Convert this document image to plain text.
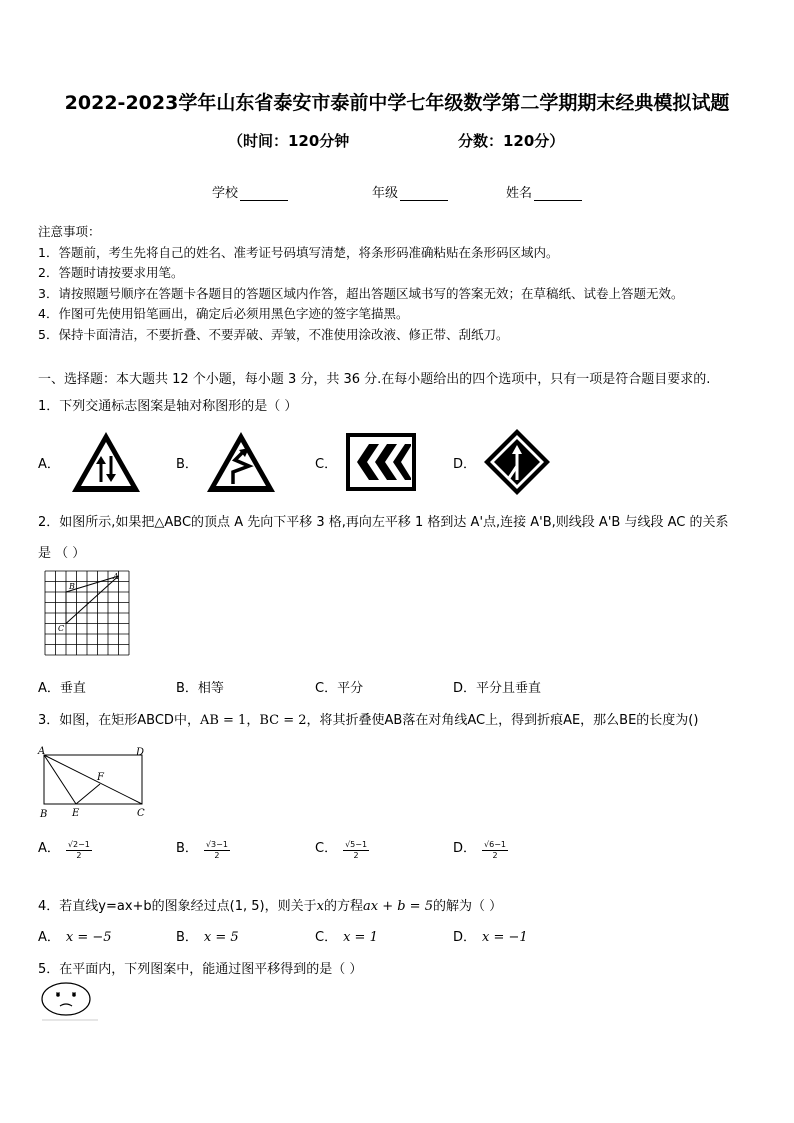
2022-2023学年山东省泰安市泰前中学七年级数学第二学期期末经典模拟试题
（时间：120分钟	分数：120分）
学校	年级	姓名
注意事项：
1．答题前，考生先将自己的姓名、准考证号码填写清楚，将条形码准确粘贴在条形码区域内。
2．答题时请按要求用笔。
3．请按照题号顺序在答题卡各题目的答题区域内作答，超出答题区域书写的答案无效；在草稿纸、试卷上答题无效。
4．作图可先使用铅笔画出，确定后必须用黑色字迹的签字笔描黑。
5．保持卡面清洁，不要折叠、不要弄破、弄皱，不准使用涂改液、修正带、刮纸刀。
一、选择题：本大题共 12 个小题，每小题 3 分，共 36 分.在每小题给出的四个选项中，只有一项是符合题目要求的.
1．下列交通标志图案是轴对称图形的是（ ）
A．	B．	C．	D．
2．如图所示,如果把△ABC的顶点 A 先向下平移 3 格,再向左平移 1 格到达 A'点,连接 A'B,则线段 A'B 与线段 AC 的关系
是 （ ）
B
A
C
A．垂直	B．相等	C．平分	D．平分且垂直
3．如图，在矩形ABCD中，AB = 1，BC = 2，将其折叠使AB落在对角线AC上，得到折痕AE，那么BE的长度为()
A	D
F
B E	C
A． $\frac{√2-1}{2}$	B． $\frac{√3-1}{2}$	C． $\frac{√5-1}{2}$	D． $\frac{√6-1}{2}$
4．若直线y=ax+b的图象经过点(1, 5)，则关于x的方程ax + b = 5的解为（ ）
A． x = −5	B． x = 5	C． x = 1	D． x = −1
5．在平面内，下列图案中，能通过图平移得到的是（ ）
